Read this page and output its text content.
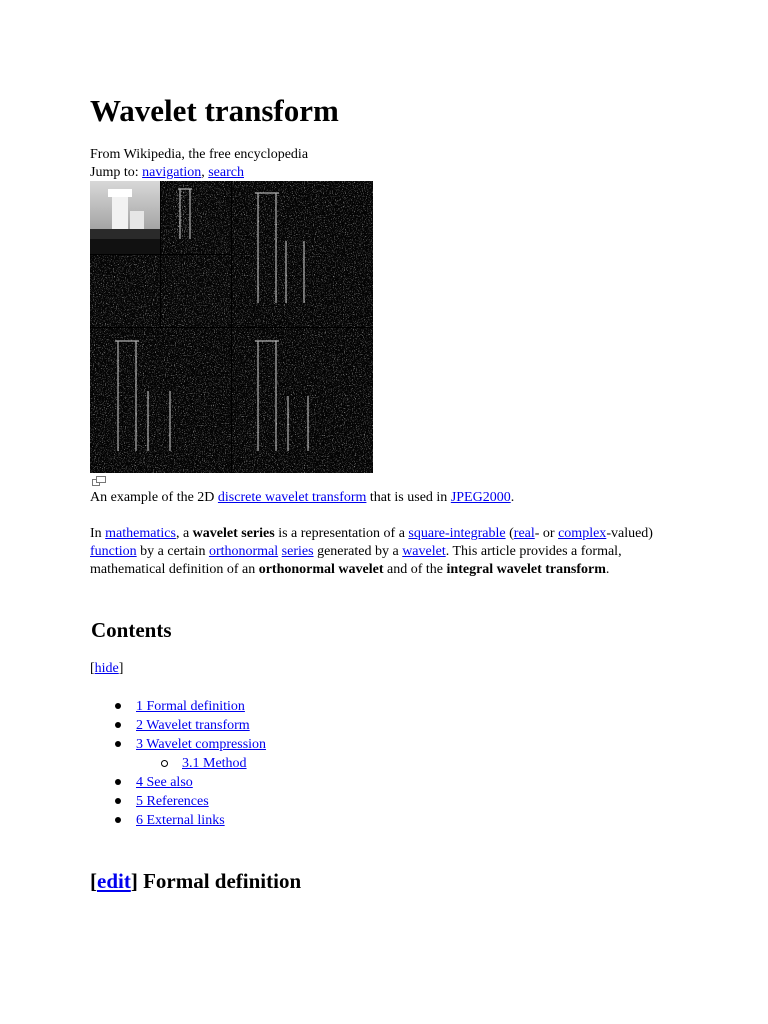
Wavelet transform
From Wikipedia, the free encyclopedia
Jump to: navigation, search
An example of the 2D discrete wavelet transform that is used in JPEG2000.

In mathematics, a wavelet series is a representation of a square-integrable (real- or complex-valued) function by a certain orthonormal series generated by a wavelet. This article provides a formal, mathematical definition of an orthonormal wavelet and of the integral wavelet transform.

Contents
[hide]
1 Formal definition
2 Wavelet transform
3 Wavelet compression
3.1 Method
4 See also
5 References
6 External links
[edit] Formal definition
